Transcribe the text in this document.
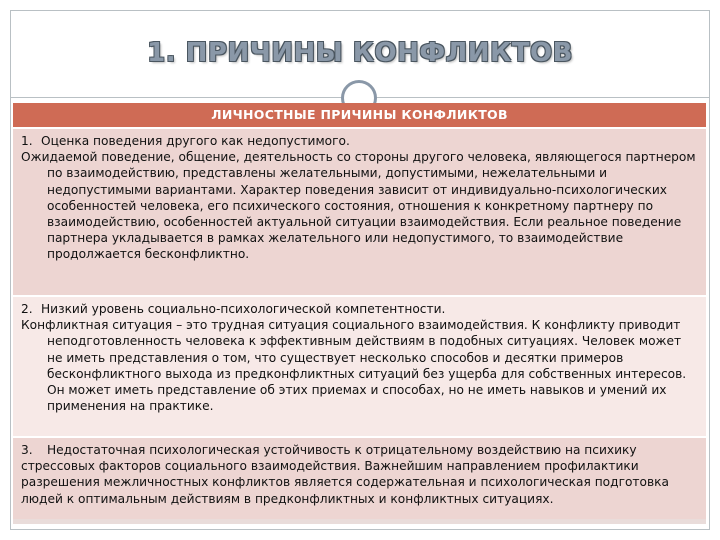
1. ПРИЧИНЫ КОНФЛИКТОВ
ЛИЧНОСТНЫЕ ПРИЧИНЫ КОНФЛИКТОВ
1. Оценка поведения другого как недопустимого.
Ожидаемой поведение, общение, деятельность со стороны другого человека, являющегося партнером по взаимодействию, представлены желательными, допустимыми, нежелательными и недопустимыми вариантами. Характер поведения зависит от индивидуально-психологических особенностей человека, его психического состояния, отношения к конкретному партнеру по взаимодействию, особенностей актуальной ситуации взаимодействия. Если реальное поведение партнера укладывается в рамках желательного или недопустимого, то взаимодействие продолжается бесконфликтно.
2. Низкий уровень социально-психологической компетентности.
Конфликтная ситуация – это трудная ситуация социального взаимодействия. К конфликту приводит неподготовленность человека к эффективным действиям в подобных ситуациях. Человек может не иметь представления о том, что существует несколько способов и десятки примеров бесконфликтного выхода из предконфликтных ситуаций без ущерба для собственных интересов. Он может иметь представление об этих приемах и способах, но не иметь навыков и умений их применения на практике.
3. Недостаточная психологическая устойчивость к отрицательному воздействию на психику стрессовых факторов социального взаимодействия. Важнейшим направлением профилактики разрешения межличностных конфликтов является содержательная и психологическая подготовка людей к оптимальным действиям в предконфликтных и конфликтных ситуациях.
